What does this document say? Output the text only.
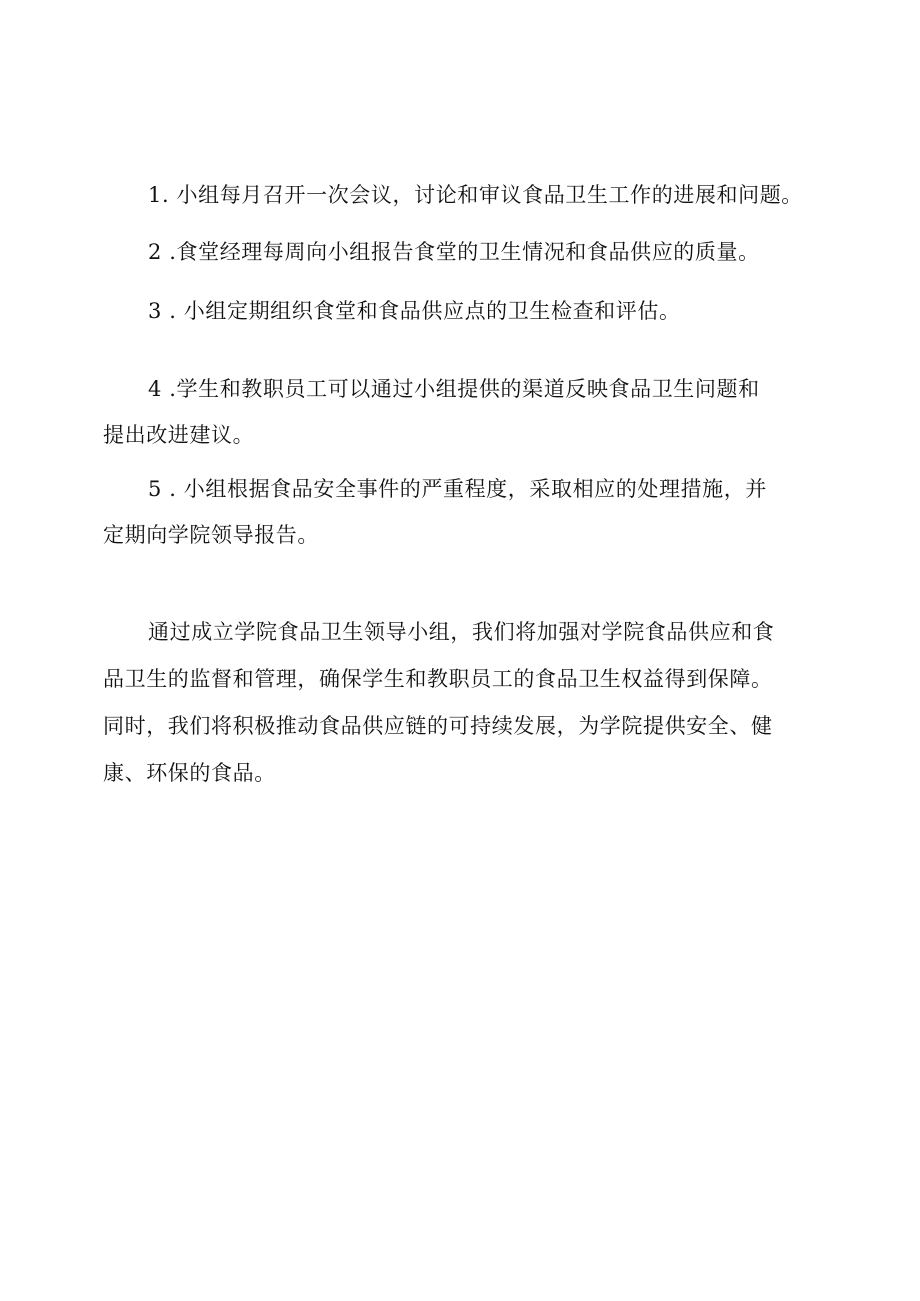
1. 小组每月召开一次会议，讨论和审议食品卫生工作的进展和问题。

2 .食堂经理每周向小组报告食堂的卫生情况和食品供应的质量。

3 . 小组定期组织食堂和食品供应点的卫生检查和评估。

4 .学生和教职员工可以通过小组提供的渠道反映食品卫生问题和

提出改进建议。

5 . 小组根据食品安全事件的严重程度，采取相应的处理措施，并

定期向学院领导报告。

通过成立学院食品卫生领导小组，我们将加强对学院食品供应和食

品卫生的监督和管理，确保学生和教职员工的食品卫生权益得到保障。

同时，我们将积极推动食品供应链的可持续发展，为学院提供安全、健

康、环保的食品。
